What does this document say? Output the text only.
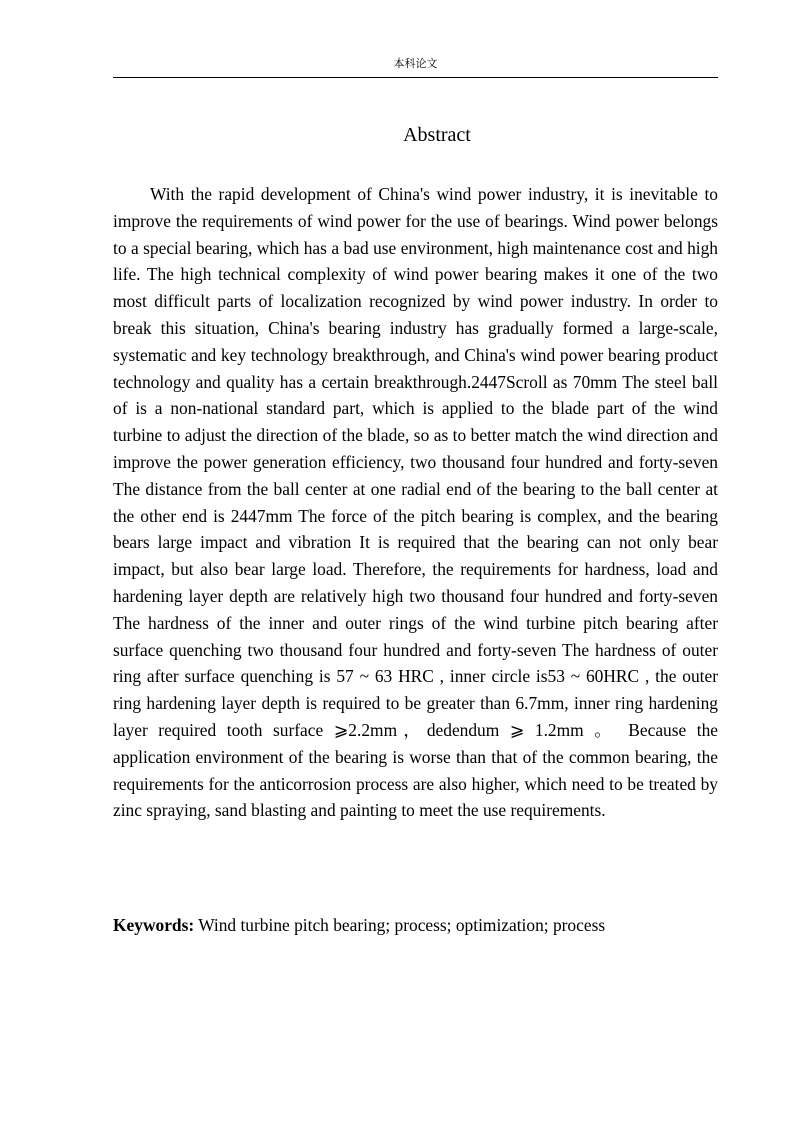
本科论文
Abstract

With the rapid development of China's wind power industry, it is inevitable to improve the requirements of wind power for the use of bearings. Wind power belongs to a special bearing, which has a bad use environment, high maintenance cost and high life. The high technical complexity of wind power bearing makes it one of the two most difficult parts of localization recognized by wind power industry. In order to break this situation, China's bearing industry has gradually formed a large-scale, systematic and key technology breakthrough, and China's wind power bearing product technology and quality has a certain breakthrough.2447Scroll as 70mm The steel ball of is a non-national standard part, which is applied to the blade part of the wind turbine to adjust the direction of the blade, so as to better match the wind direction and improve the power generation efficiency, two thousand four hundred and forty-seven The distance from the ball center at one radial end of the bearing to the ball center at the other end is 2447mm The force of the pitch bearing is complex, and the bearing bears large impact and vibration It is required that the bearing can not only bear impact, but also bear large load. Therefore, the requirements for hardness, load and hardening layer depth are relatively high two thousand four hundred and forty-seven The hardness of the inner and outer rings of the wind turbine pitch bearing after surface quenching two thousand four hundred and forty-seven The hardness of outer ring after surface quenching is 57 ~ 63 HRC , inner circle is53 ~ 60HRC , the outer ring hardening layer depth is required to be greater than 6.7mm, inner ring hardening layer required tooth surface ⩾2.2mm，dedendum ⩾ 1.2mm 。 Because the application environment of the bearing is worse than that of the common bearing, the requirements for the anticorrosion process are also higher, which need to be treated by zinc spraying, sand blasting and painting to meet the use requirements.

Keywords: Wind turbine pitch bearing; process; optimization; process
